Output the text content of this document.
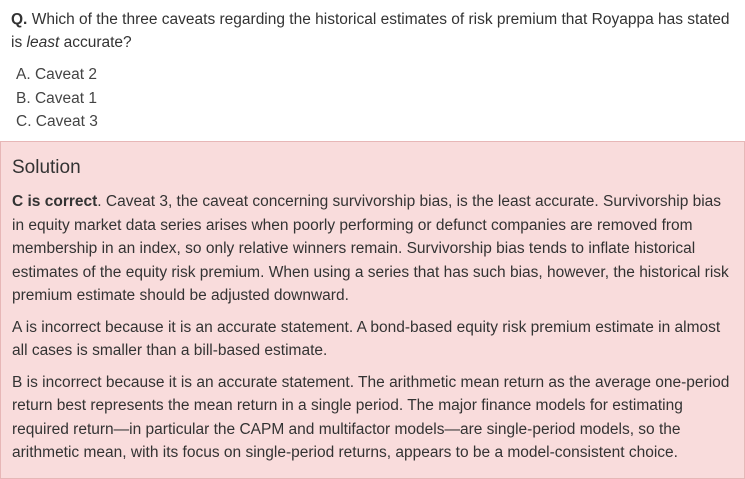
Q. Which of the three caveats regarding the historical estimates of risk premium that Royappa has stated is least accurate?
A. Caveat 2
B. Caveat 1
C. Caveat 3
Solution

C is correct. Caveat 3, the caveat concerning survivorship bias, is the least accurate. Survivorship bias in equity market data series arises when poorly performing or defunct companies are removed from membership in an index, so only relative winners remain. Survivorship bias tends to inflate historical estimates of the equity risk premium. When using a series that has such bias, however, the historical risk premium estimate should be adjusted downward.

A is incorrect because it is an accurate statement. A bond-based equity risk premium estimate in almost all cases is smaller than a bill-based estimate.

B is incorrect because it is an accurate statement. The arithmetic mean return as the average one-period return best represents the mean return in a single period. The major finance models for estimating required return—in particular the CAPM and multifactor models—are single-period models, so the arithmetic mean, with its focus on single-period returns, appears to be a model-consistent choice.
